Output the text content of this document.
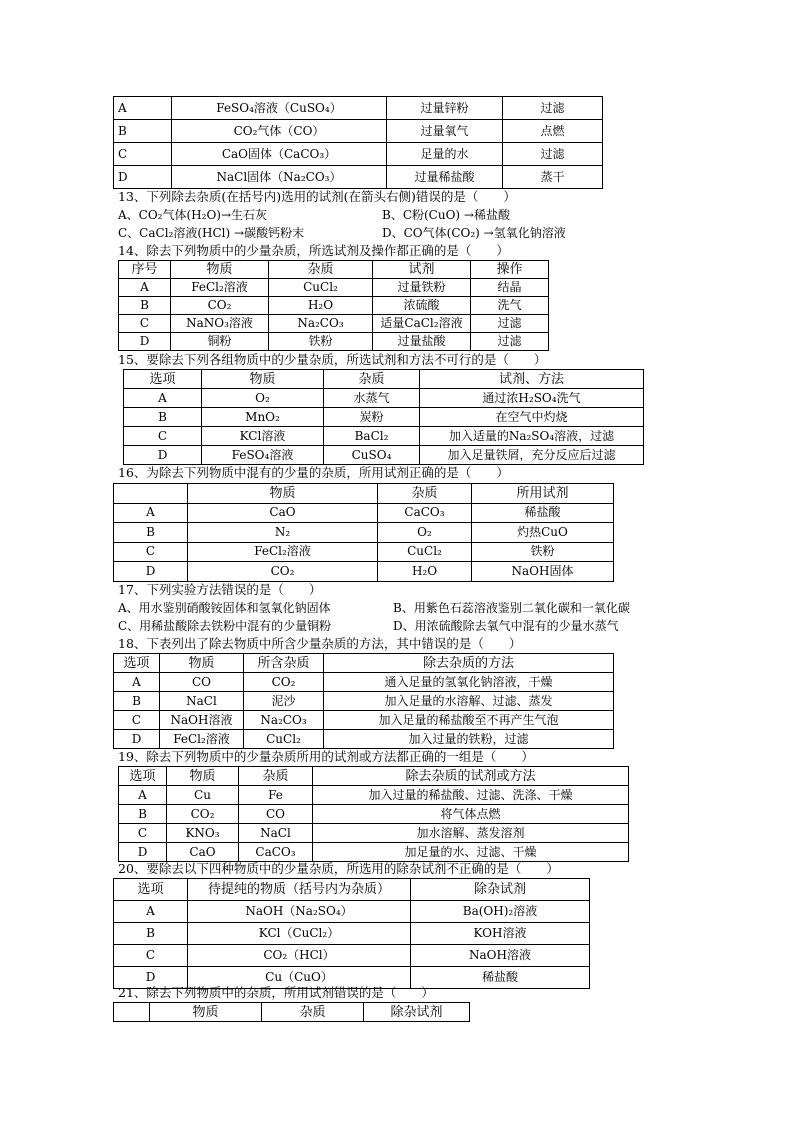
A	FeSO₄溶液（CuSO₄）	过量锌粉	过滤
B	CO₂气体（CO）	过量氧气	点燃
C	CaO固体（CaCO₃）	足量的水	过滤
D	NaCl固体（Na₂CO₃）	过量稀盐酸	蒸干
13、下列除去杂质(在括号内)选用的试剂(在箭头右侧)错误的是（　　）
A、CO₂气体(H₂O)→生石灰	B、C粉(CuO) →稀盐酸
C、CaCl₂溶液(HCl) →碳酸钙粉末	D、CO气体(CO₂) →氢氧化钠溶液
14、除去下列物质中的少量杂质，所选试剂及操作都正确的是（　　）
序号	物质	杂质	试剂	操作
A	FeCl₂溶液	CuCl₂	过量铁粉	结晶
B	CO₂	H₂O	浓硫酸	洗气
C	NaNO₃溶液	Na₂CO₃	适量CaCl₂溶液	过滤
D	铜粉	铁粉	过量盐酸	过滤
15、要除去下列各组物质中的少量杂质，所选试剂和方法不可行的是（　　）
选项	物质	杂质	试剂、方法
A	O₂	水蒸气	通过浓H₂SO₄洗气
B	MnO₂	炭粉	在空气中灼烧
C	KCl溶液	BaCl₂	加入适量的Na₂SO₄溶液，过滤
D	FeSO₄溶液	CuSO₄	加入足量铁屑，充分反应后过滤
16、为除去下列物质中混有的少量的杂质，所用试剂正确的是（　　）
	物质	杂质	所用试剂
A	CaO	CaCO₃	稀盐酸
B	N₂	O₂	灼热CuO
C	FeCl₂溶液	CuCl₂	铁粉
D	CO₂	H₂O	NaOH固体
17、下列实验方法错误的是（　　）
A、用水鉴别硝酸铵固体和氢氧化钠固体	B、用紫色石蕊溶液鉴别二氧化碳和一氧化碳
C、用稀盐酸除去铁粉中混有的少量铜粉	D、用浓硫酸除去氧气中混有的少量水蒸气
18、下表列出了除去物质中所含少量杂质的方法，其中错误的是（　　）
选项	物质	所含杂质	除去杂质的方法
A	CO	CO₂	通入足量的氢氧化钠溶液，干燥
B	NaCl	泥沙	加入足量的水溶解、过滤、蒸发
C	NaOH溶液	Na₂CO₃	加入足量的稀盐酸至不再产生气泡
D	FeCl₂溶液	CuCl₂	加入过量的铁粉，过滤
19、除去下列物质中的少量杂质所用的试剂或方法都正确的一组是（　　）
选项	物质	杂质	除去杂质的试剂或方法
A	Cu	Fe	加入过量的稀盐酸、过滤、洗涤、干燥
B	CO₂	CO	将气体点燃
C	KNO₃	NaCl	加水溶解、蒸发溶剂
D	CaO	CaCO₃	加足量的水、过滤、干燥
20、要除去以下四种物质中的少量杂质，所选用的除杂试剂不正确的是（　　）
选项	待提纯的物质（括号内为杂质）	除杂试剂
A	NaOH（Na₂SO₄）	Ba(OH)₂溶液
B	KCl（CuCl₂）	KOH溶液
C	CO₂（HCl）	NaOH溶液
D	Cu（CuO）	稀盐酸
21、除去下列物质中的杂质，所用试剂错误的是（　　）
	物质	杂质	除杂试剂
